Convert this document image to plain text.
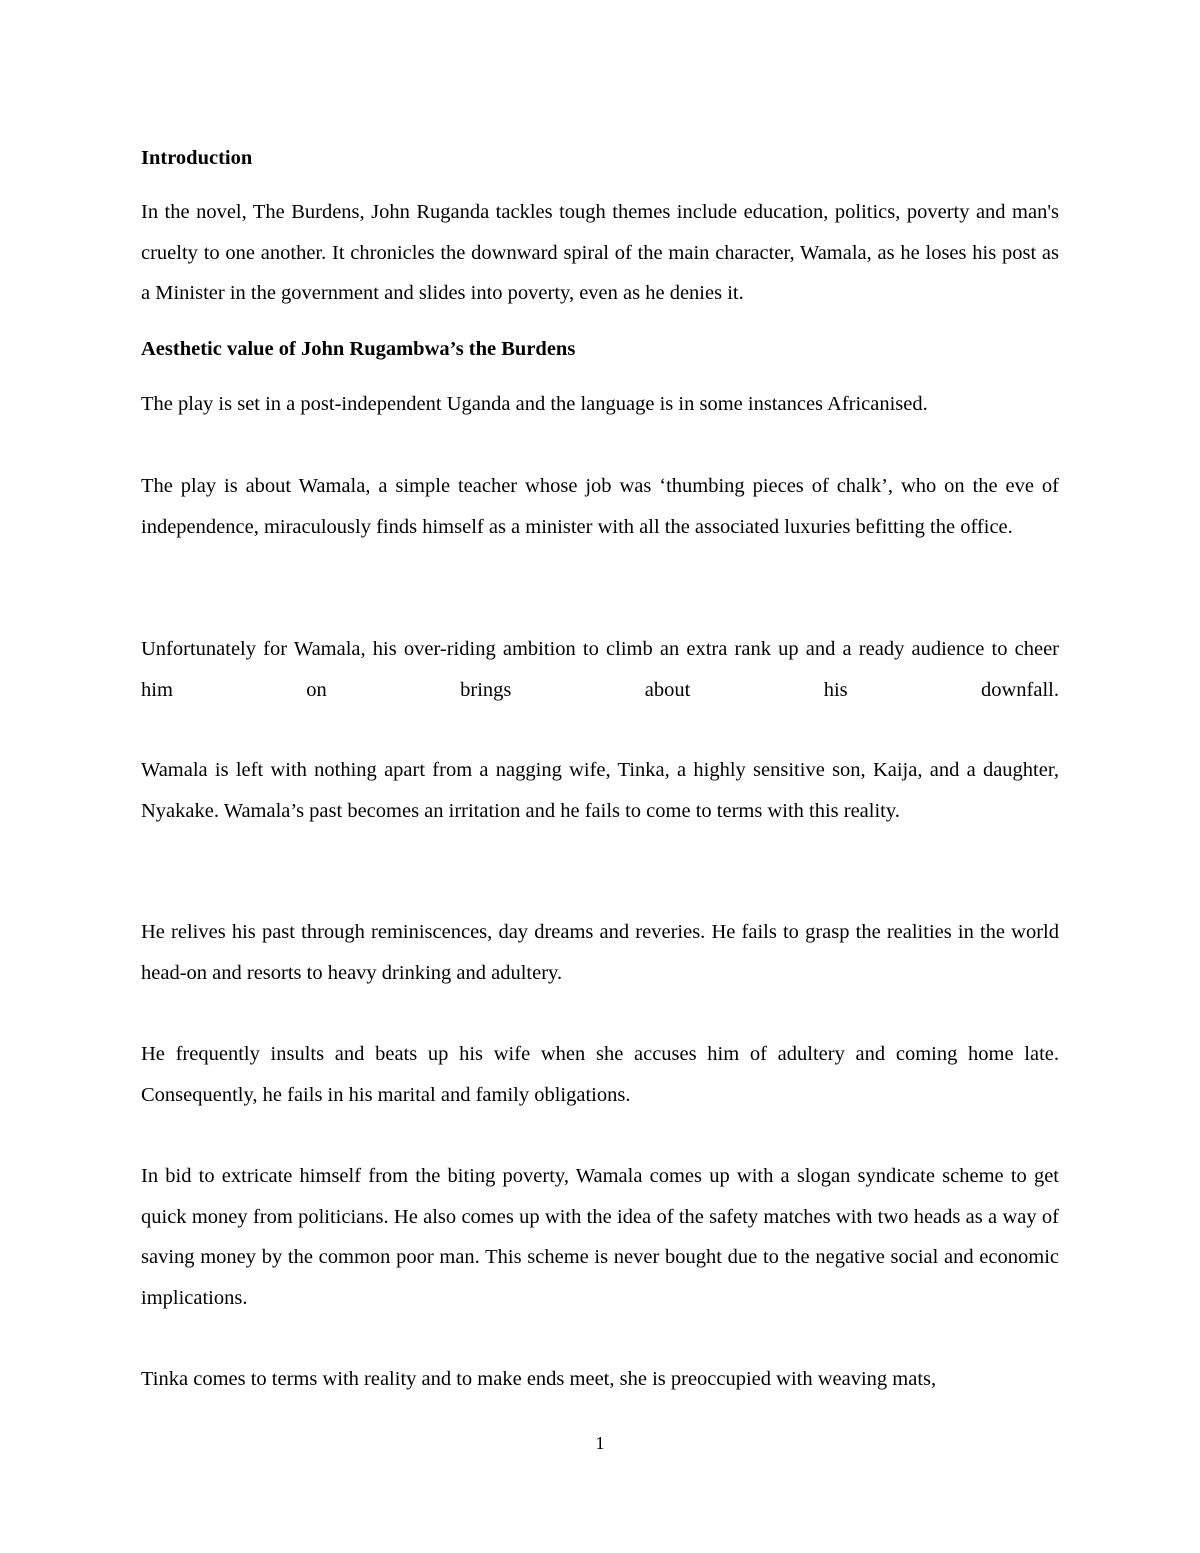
Introduction
In the novel, The Burdens, John Ruganda tackles tough themes include education, politics, poverty and man's cruelty to one another. It chronicles the downward spiral of the main character, Wamala, as he loses his post as a Minister in the government and slides into poverty, even as he denies it.
Aesthetic value of John Rugambwa’s the Burdens
The play is set in a post-independent Uganda and the language is in some instances Africanised.
The play is about Wamala, a simple teacher whose job was ‘thumbing pieces of chalk’, who on the eve of independence, miraculously finds himself as a minister with all the associated luxuries befitting the office.
Unfortunately for Wamala, his over-riding ambition to climb an extra rank up and a ready audience to cheer him on brings about his downfall.
Wamala is left with nothing apart from a nagging wife, Tinka, a highly sensitive son, Kaija, and a daughter, Nyakake. Wamala’s past becomes an irritation and he fails to come to terms with this reality.
He relives his past through reminiscences, day dreams and reveries. He fails to grasp the realities in the world head-on and resorts to heavy drinking and adultery.
He frequently insults and beats up his wife when she accuses him of adultery and coming home late. Consequently, he fails in his marital and family obligations.
In bid to extricate himself from the biting poverty, Wamala comes up with a slogan syndicate scheme to get quick money from politicians. He also comes up with the idea of the safety matches with two heads as a way of saving money by the common poor man. This scheme is never bought due to the negative social and economic implications.
Tinka comes to terms with reality and to make ends meet, she is preoccupied with weaving mats,
1
